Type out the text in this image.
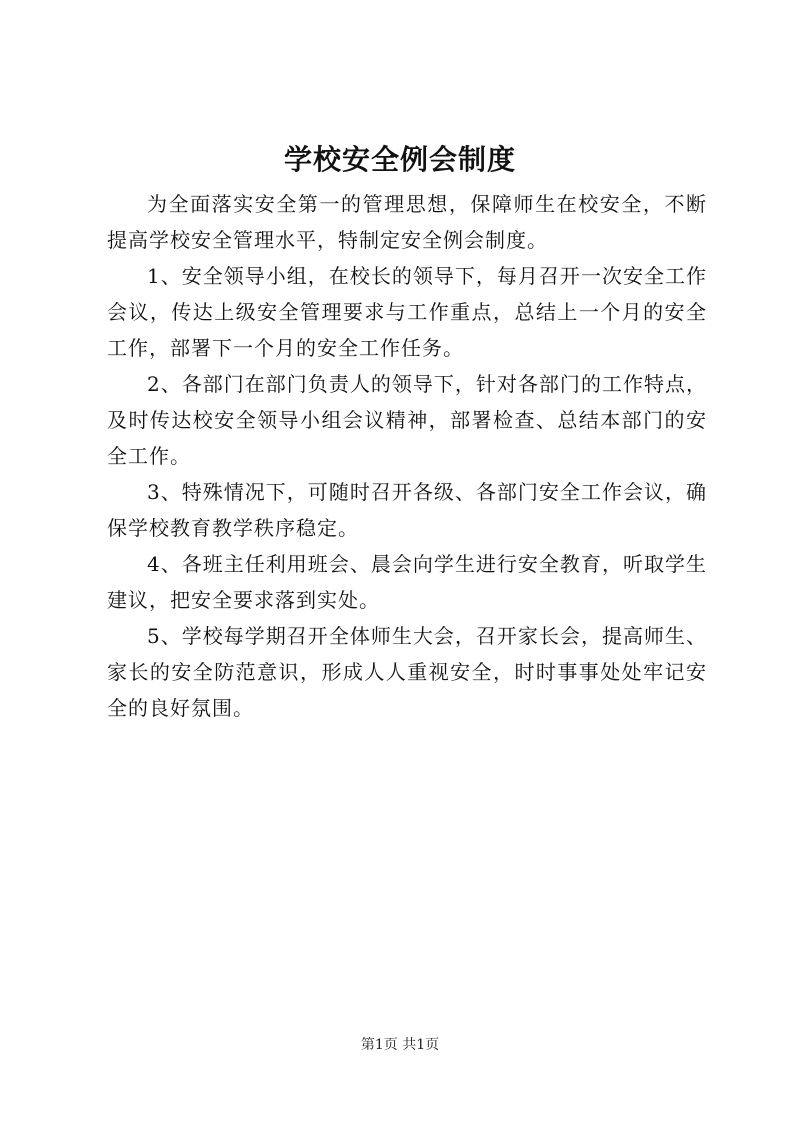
学校安全例会制度

为全面落实安全第一的管理思想，保障师生在校安全，不断提高学校安全管理水平，特制定安全例会制度。

1、安全领导小组，在校长的领导下，每月召开一次安全工作会议，传达上级安全管理要求与工作重点，总结上一个月的安全工作，部署下一个月的安全工作任务。

2、各部门在部门负责人的领导下，针对各部门的工作特点，及时传达校安全领导小组会议精神，部署检查、总结本部门的安全工作。

3、特殊情况下，可随时召开各级、各部门安全工作会议，确保学校教育教学秩序稳定。

4、各班主任利用班会、晨会向学生进行安全教育，听取学生建议，把安全要求落到实处。

5、学校每学期召开全体师生大会，召开家长会，提高师生、家长的安全防范意识，形成人人重视安全，时时事事处处牢记安全的良好氛围。

第1页 共1页
